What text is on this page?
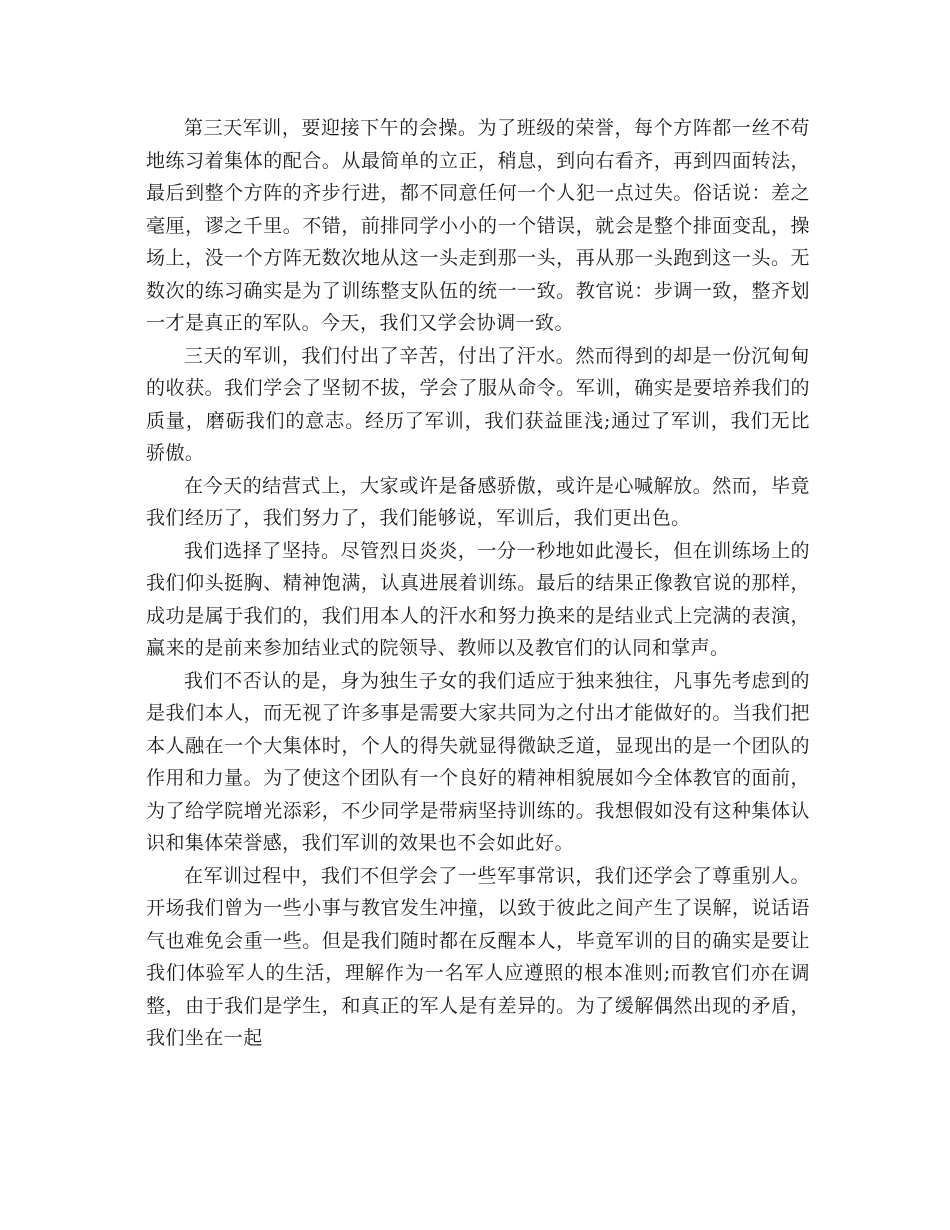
第三天军训，要迎接下午的会操。为了班级的荣誉，每个方阵都一丝不苟地练习着集体的配合。从最简单的立正，稍息，到向右看齐，再到四面转法，最后到整个方阵的齐步行进，都不同意任何一个人犯一点过失。俗话说：差之毫厘，谬之千里。不错，前排同学小小的一个错误，就会是整个排面变乱，操场上，没一个方阵无数次地从这一头走到那一头，再从那一头跑到这一头。无数次的练习确实是为了训练整支队伍的统一一致。教官说：步调一致，整齐划一才是真正的军队。今天，我们又学会协调一致。

三天的军训，我们付出了辛苦，付出了汗水。然而得到的却是一份沉甸甸的收获。我们学会了坚韧不拔，学会了服从命令。军训，确实是要培养我们的质量，磨砺我们的意志。经历了军训，我们获益匪浅;通过了军训，我们无比骄傲。

在今天的结营式上，大家或许是备感骄傲，或许是心喊解放。然而，毕竟我们经历了，我们努力了，我们能够说，军训后，我们更出色。

我们选择了坚持。尽管烈日炎炎，一分一秒地如此漫长，但在训练场上的我们仰头挺胸、精神饱满，认真进展着训练。最后的结果正像教官说的那样，成功是属于我们的，我们用本人的汗水和努力换来的是结业式上完满的表演，赢来的是前来参加结业式的院领导、教师以及教官们的认同和掌声。

我们不否认的是，身为独生子女的我们适应于独来独往，凡事先考虑到的是我们本人，而无视了许多事是需要大家共同为之付出才能做好的。当我们把本人融在一个大集体时，个人的得失就显得微缺乏道，显现出的是一个团队的作用和力量。为了使这个团队有一个良好的精神相貌展如今全体教官的面前，为了给学院增光添彩，不少同学是带病坚持训练的。我想假如没有这种集体认识和集体荣誉感，我们军训的效果也不会如此好。

在军训过程中，我们不但学会了一些军事常识，我们还学会了尊重别人。开场我们曾为一些小事与教官发生冲撞，以致于彼此之间产生了误解，说话语气也难免会重一些。但是我们随时都在反醒本人，毕竟军训的目的确实是要让我们体验军人的生活，理解作为一名军人应遵照的根本准则;而教官们亦在调整，由于我们是学生，和真正的军人是有差异的。为了缓解偶然出现的矛盾，我们坐在一起
